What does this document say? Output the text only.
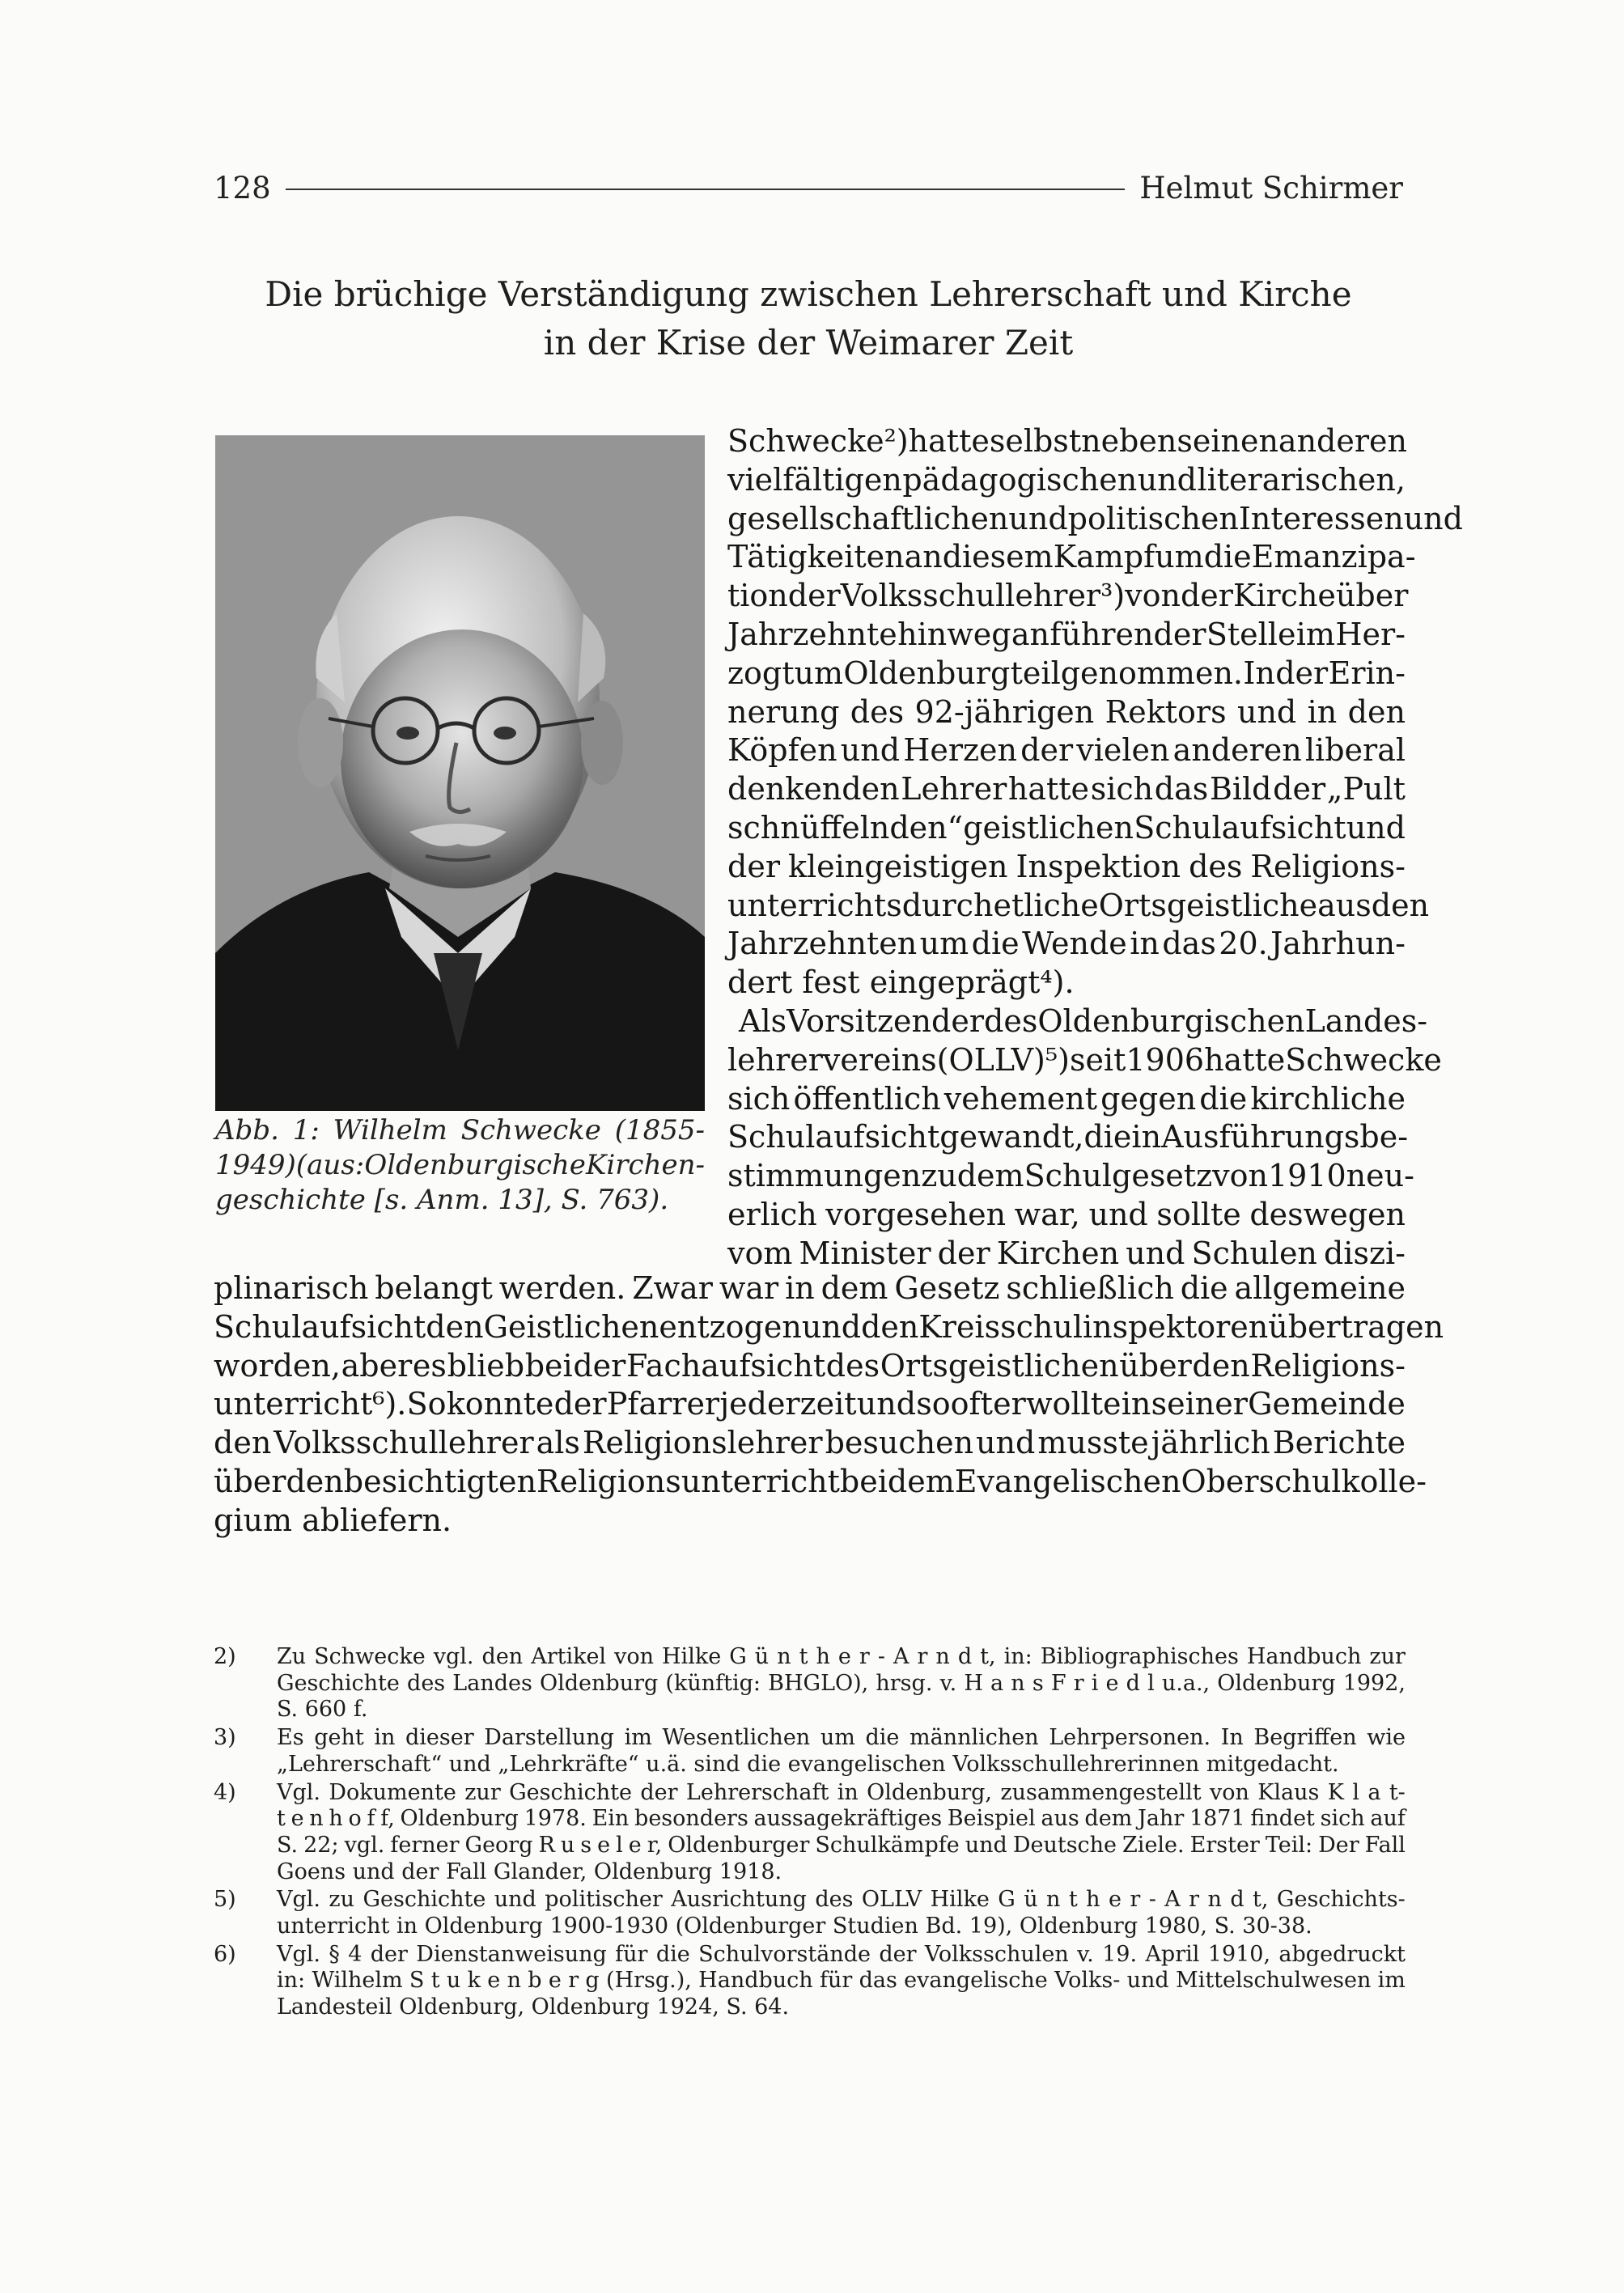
128	Helmut Schirmer
Die brüchige Verständigung zwischen Lehrerschaft und Kirche
in der Krise der Weimarer Zeit
Abb. 1: Wilhelm Schwecke (1855-
1949) (aus: Oldenburgische Kirchen-
geschichte [s. Anm. 13], S. 763).
Schwecke²) hatte selbst neben seinen anderen
vielfältigen pädagogischen und literarischen,
gesellschaftlichen und politischen Interessen und
Tätigkeiten an diesem Kampf um die Emanzipa-
tion der Volksschullehrer³) von der Kirche über
Jahrzehnte hinweg an führender Stelle im Her-
zogtum Oldenburg teilgenommen. In der Erin-
nerung des 92-jährigen Rektors und in den
Köpfen und Herzen der vielen anderen liberal
denkenden Lehrer hatte sich das Bild der „Pult
schnüffelnden“ geistlichen Schulaufsicht und
der kleingeistigen Inspektion des Religions-
unterrichts durch etliche Ortsgeistliche aus den
Jahrzehnten um die Wende in das 20. Jahrhun-
dert fest eingeprägt⁴).
Als Vorsitzender des Oldenburgischen Landes-
lehrervereins (OLLV)⁵) seit 1906 hatte Schwecke
sich öffentlich vehement gegen die kirchliche
Schulaufsicht gewandt, die in Ausführungsbe-
stimmungen zu dem Schulgesetz von 1910 neu-
erlich vorgesehen war, und sollte deswegen
vom Minister der Kirchen und Schulen diszi-
plinarisch belangt werden. Zwar war in dem Gesetz schließlich die allgemeine
Schulaufsicht den Geistlichen entzogen und den Kreisschulinspektoren übertragen
worden, aber es blieb bei der Fachaufsicht des Ortsgeistlichen über den Religions-
unterricht⁶). So konnte der Pfarrer jederzeit und sooft er wollte in seiner Gemeinde
den Volksschullehrer als Religionslehrer besuchen und musste jährlich Berichte
über den besichtigten Religionsunterricht bei dem Evangelischen Oberschulkolle-
gium abliefern.
2)	Zu Schwecke vgl. den Artikel von Hilke G ü n t h e r - A r n d t, in: Bibliographisches Handbuch zur
Geschichte des Landes Oldenburg (künftig: BHGLO), hrsg. v. H a n s F r i e d l u.a., Oldenburg 1992,
S. 660 f.
3)	Es geht in dieser Darstellung im Wesentlichen um die männlichen Lehrpersonen. In Begriffen wie
„Lehrerschaft“ und „Lehrkräfte“ u.ä. sind die evangelischen Volksschullehrerinnen mitgedacht.
4)	Vgl. Dokumente zur Geschichte der Lehrerschaft in Oldenburg, zusammengestellt von Klaus K l a t-
t e n h o f f, Oldenburg 1978. Ein besonders aussagekräftiges Beispiel aus dem Jahr 1871 findet sich auf
S. 22; vgl. ferner Georg R u s e l e r, Oldenburger Schulkämpfe und Deutsche Ziele. Erster Teil: Der Fall
Goens und der Fall Glander, Oldenburg 1918.
5)	Vgl. zu Geschichte und politischer Ausrichtung des OLLV Hilke G ü n t h e r - A r n d t, Geschichts-
unterricht in Oldenburg 1900-1930 (Oldenburger Studien Bd. 19), Oldenburg 1980, S. 30-38.
6)	Vgl. § 4 der Dienstanweisung für die Schulvorstände der Volksschulen v. 19. April 1910, abgedruckt
in: Wilhelm S t u k e n b e r g (Hrsg.), Handbuch für das evangelische Volks- und Mittelschulwesen im
Landesteil Oldenburg, Oldenburg 1924, S. 64.
